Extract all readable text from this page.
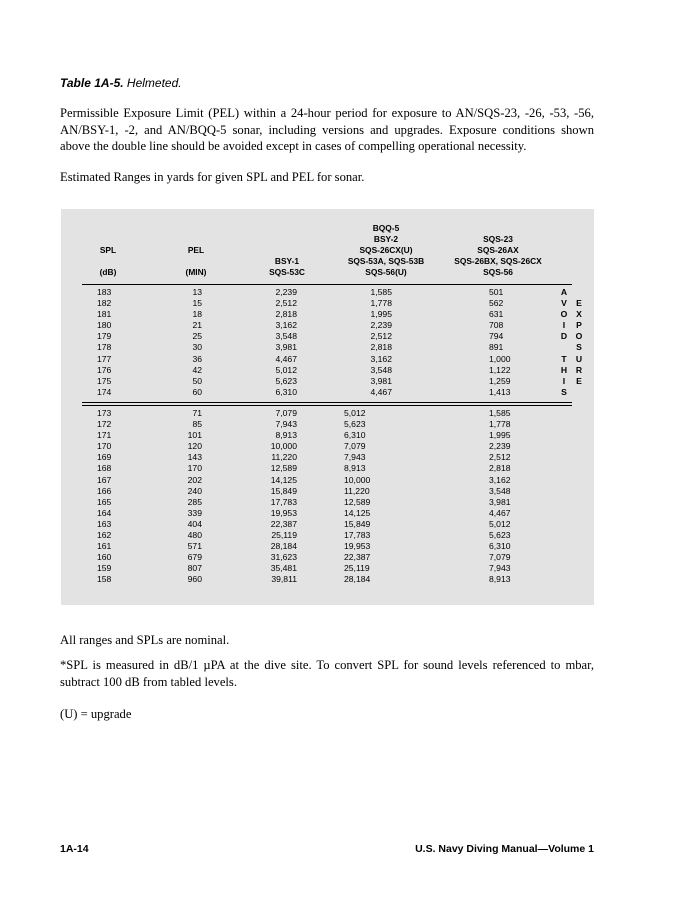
Table 1A-5. Helmeted.
Permissible Exposure Limit (PEL) within a 24-hour period for exposure to AN/SQS-23, -26, -53, -56, AN/BSY-1, -2, and AN/BQQ-5 sonar, including versions and upgrades. Exposure conditions shown above the double line should be avoided except in cases of compelling operational necessity.
Estimated Ranges in yards for given SPL and PEL for sonar.
SPL
(dB)
PEL
(MIN)
BSY-1
SQS-53C
BQQ-5
BSY-2
SQS-26CX(U)
SQS-53A, SQS-53B
SQS-56(U)
SQS-23
SQS-26AX
SQS-26BX, SQS-26CX
SQS-56
183
182
181
180
179
178
177
176
175
174
13
15
18
21
25
30
36
42
50
60
2,239
2,512
2,818
3,162
3,548
3,981
4,467
5,012
5,623
6,310
1,585
1,778
1,995
2,239
2,512
2,818
3,162
3,548
3,981
4,467
501
562
631
708
794
891
1,000
1,122
1,259
1,413
A
V
O
I
D
T
H
I
S
E
X
P
O
S
U
R
E
173
172
171
170
169
168
167
166
165
164
163
162
161
160
159
158
71
85
101
120
143
170
202
240
285
339
404
480
571
679
807
960
7,079
7,943
8,913
10,000
11,220
12,589
14,125
15,849
17,783
19,953
22,387
25,119
28,184
31,623
35,481
39,811
5,012
5,623
6,310
7,079
7,943
8,913
10,000
11,220
12,589
14,125
15,849
17,783
19,953
22,387
25,119
28,184
1,585
1,778
1,995
2,239
2,512
2,818
3,162
3,548
3,981
4,467
5,012
5,623
6,310
7,079
7,943
8,913
All ranges and SPLs are nominal.
*SPL is measured in dB/1 µPA at the dive site. To convert SPL for sound levels referenced to mbar, subtract 100 dB from tabled levels.
(U) = upgrade
1A-14	U.S. Navy Diving Manual—Volume 1
